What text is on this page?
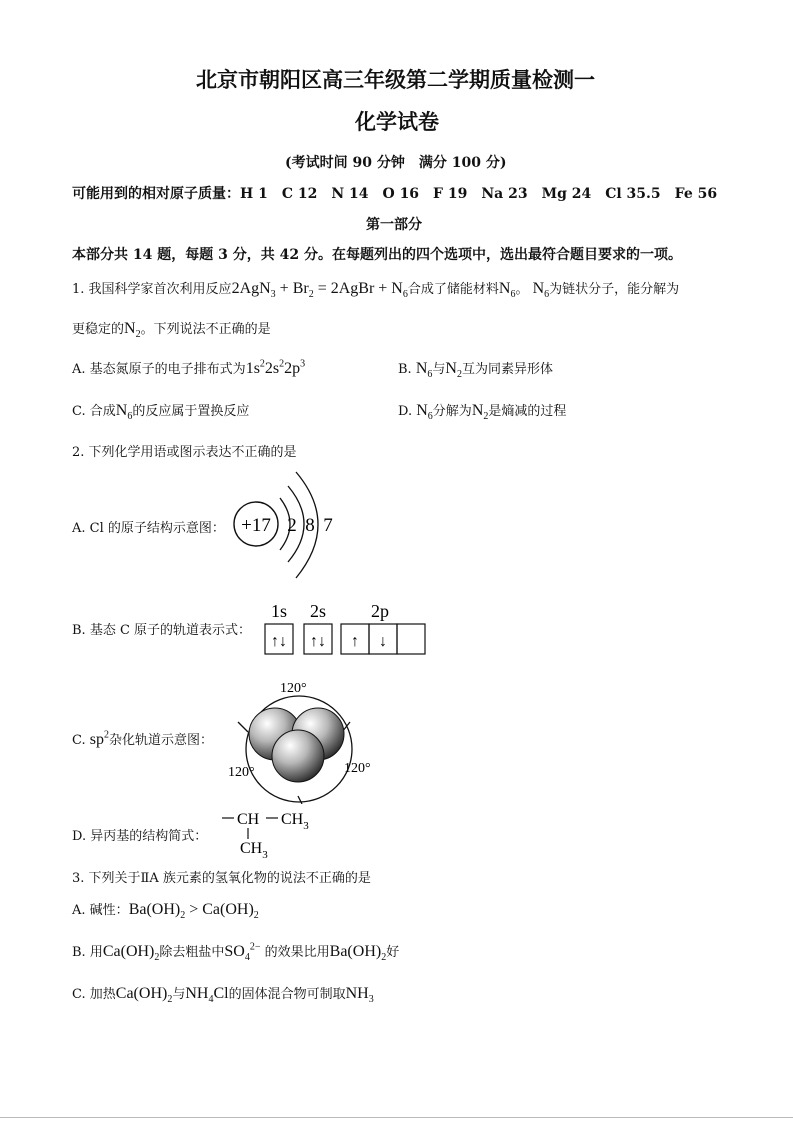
北京市朝阳区高三年级第二学期质量检测一
化学试卷
(考试时间 90 分钟　满分 100 分)
可能用到的相对原子质量：H 1　C 12　N 14　O 16　F 19　Na 23　Mg 24　Cl 35.5　Fe 56
第一部分
本部分共 14 题，每题 3 分，共 42 分。在每题列出的四个选项中，选出最符合题目要求的一项。
1. 我国科学家首次利用反应$2AgN_3 + Br_2$ = 2AgBr + $N_6$合成了储能材料$N_6$。 $N_6$为链状分子，能分解为
更稳定的$N_2$。下列说法不正确的是
A. 基态氮原子的电子排布式为$1s^22s^22p^3$	B. $N_6$与$N_2$互为同素异形体
C. 合成$N_6$的反应属于置换反应	D. $N_6$分解为$N_2$是熵减的过程
2. 下列化学用语或图示表达不正确的是
A. Cl 的原子结构示意图： +17 2 8 7
B. 基态 C 原子的轨道表示式：
1s 2s 2p
↑↓ ↑↓ ↑ ↓
C. $sp^2$杂化轨道示意图：
120°
120°	120°
D. 异丙基的结构简式：
CH $CH_3$
$CH_3$
3. 下列关于ⅡA 族元素的氢氧化物的说法不正确的是
A. 碱性：$Ba(OH)_2 > Ca(OH)_2$
B. 用$Ca(OH)_2$除去粗盐中$SO_4^{2-}$ 的效果比用$Ba(OH)_2$好
C. 加热$Ca(OH)_2$与$NH_4Cl$的固体混合物可制取$NH_3$
